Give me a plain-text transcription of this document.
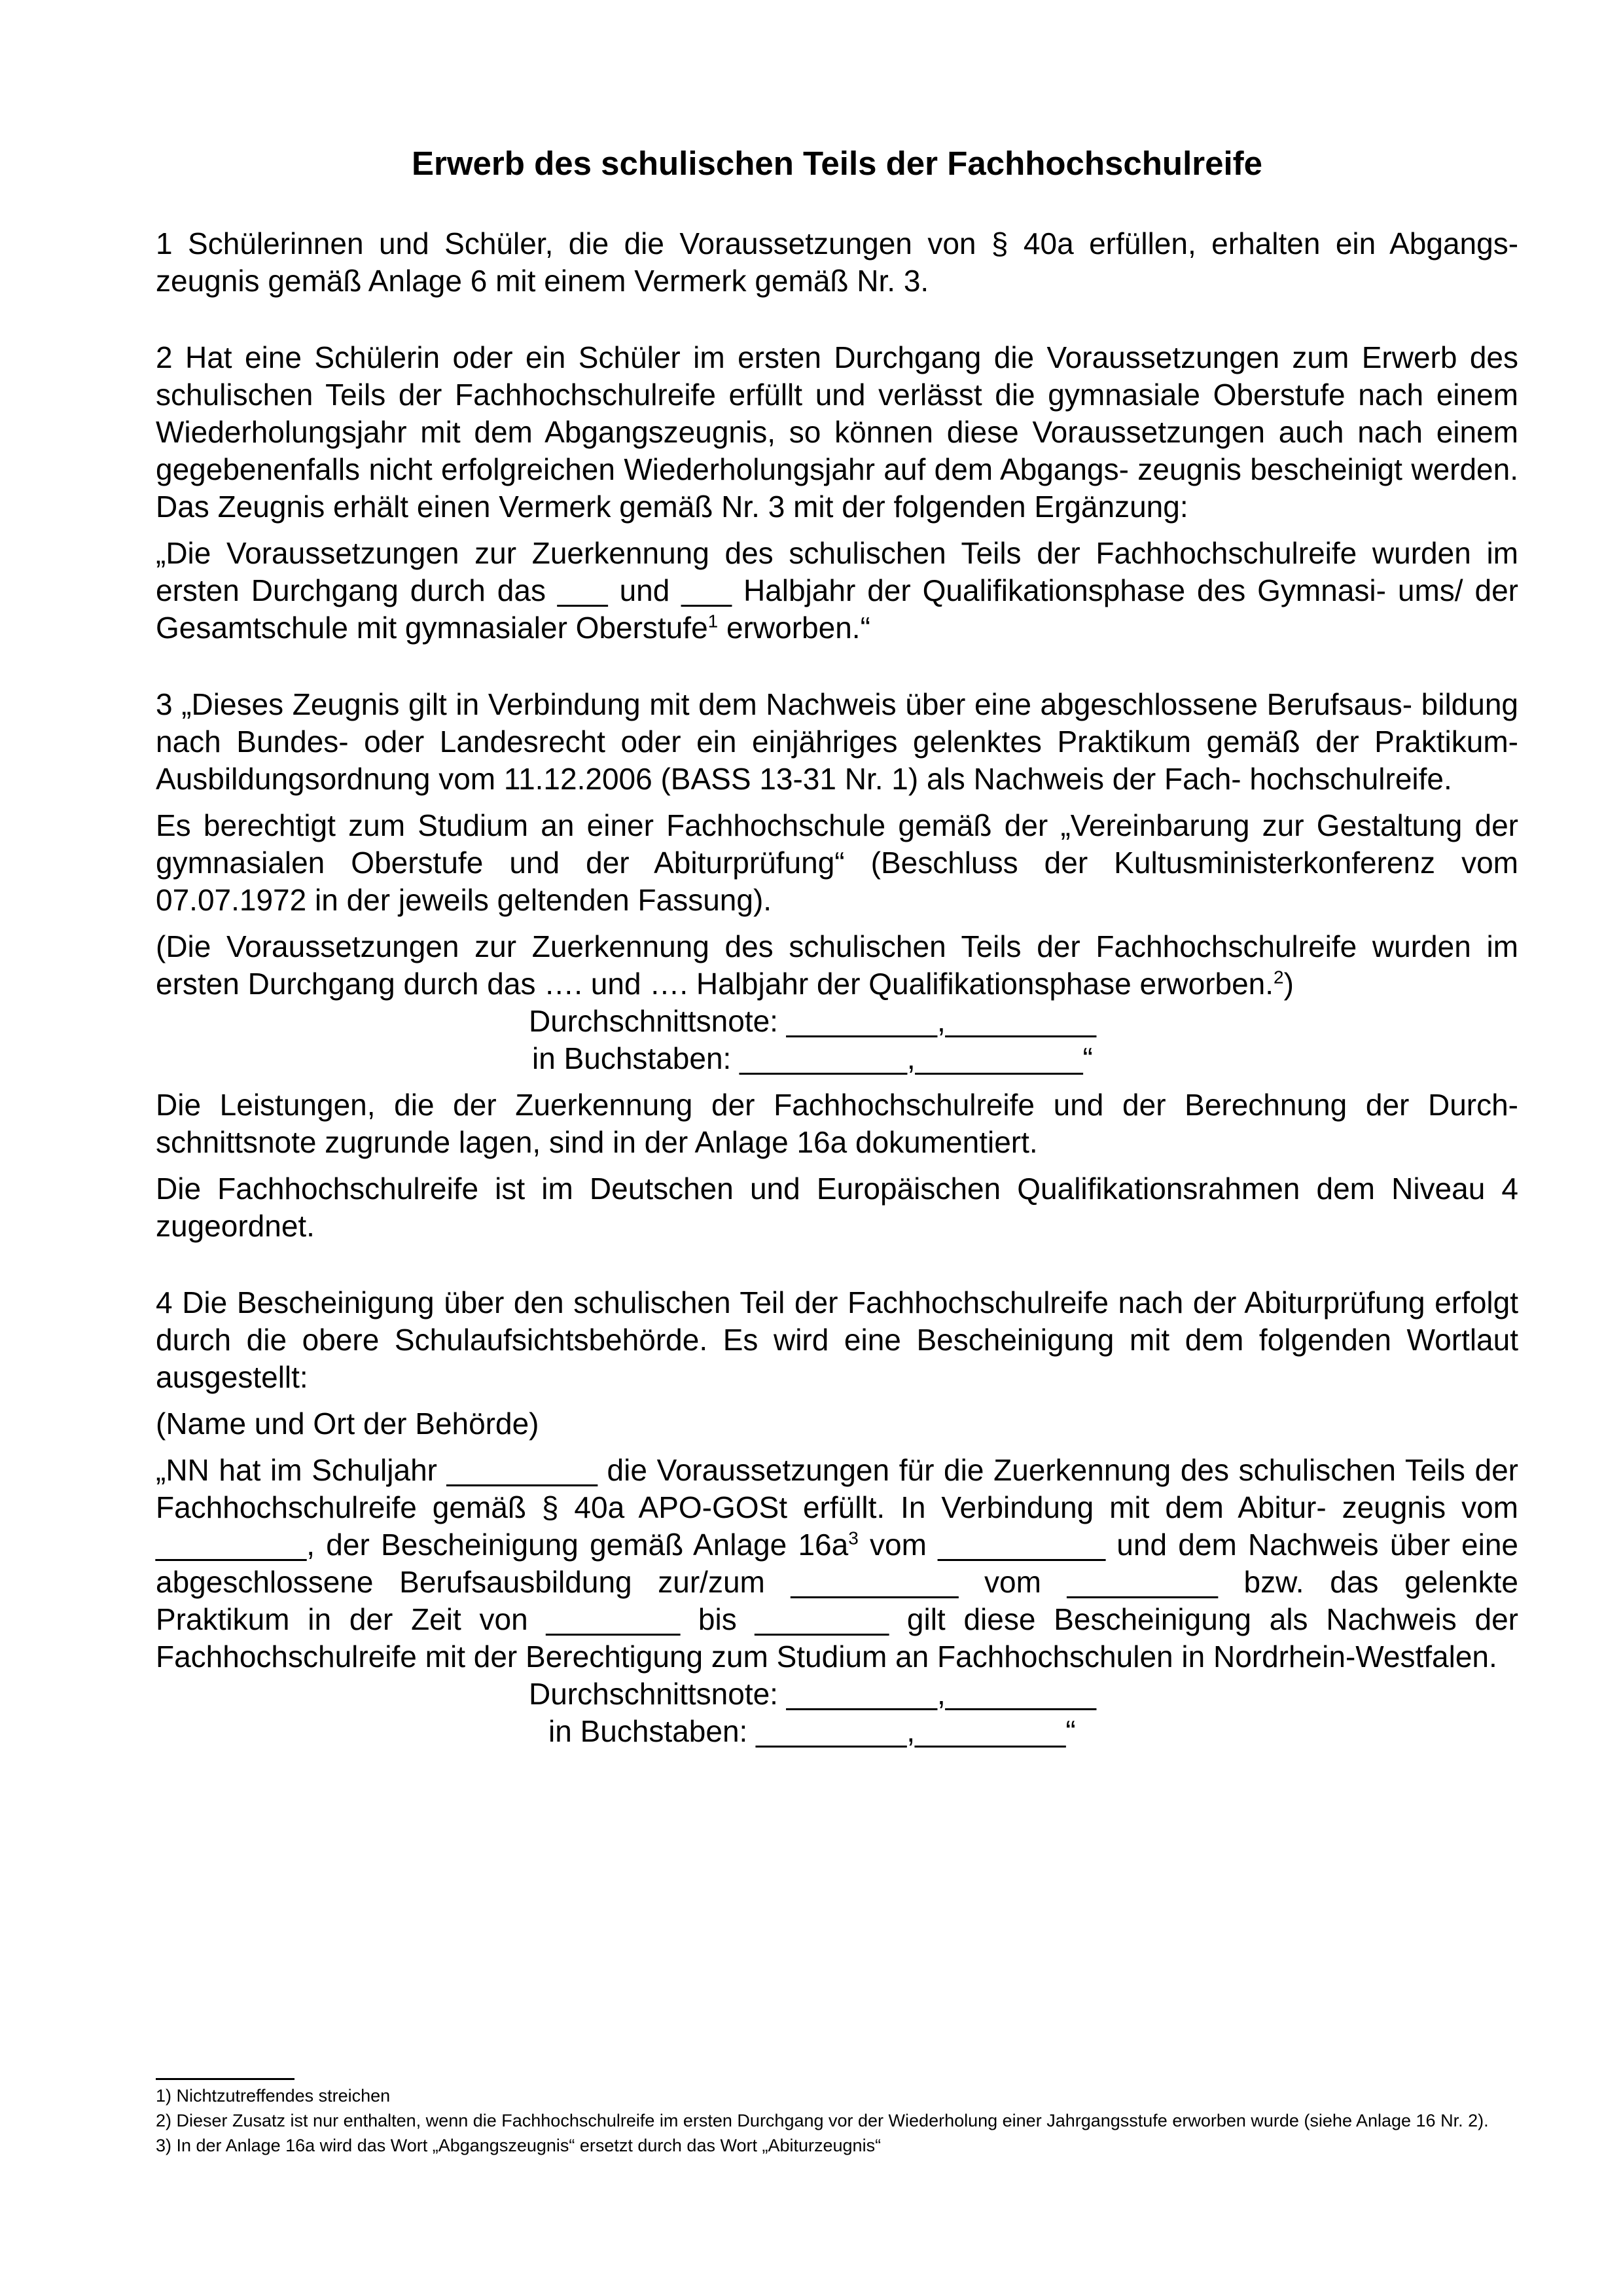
Erwerb des schulischen Teils der Fachhochschulreife

1 Schülerinnen und Schüler, die die Voraussetzungen von § 40a erfüllen, erhalten ein Abgangs- zeugnis gemäß Anlage 6 mit einem Vermerk gemäß Nr. 3.

2 Hat eine Schülerin oder ein Schüler im ersten Durchgang die Voraussetzungen zum Erwerb des schulischen Teils der Fachhochschulreife erfüllt und verlässt die gymnasiale Oberstufe nach einem Wiederholungsjahr mit dem Abgangszeugnis, so können diese Voraussetzungen auch nach einem gegebenenfalls nicht erfolgreichen Wiederholungsjahr auf dem Abgangs- zeugnis bescheinigt werden. Das Zeugnis erhält einen Vermerk gemäß Nr. 3 mit der folgenden Ergänzung:

„Die Voraussetzungen zur Zuerkennung des schulischen Teils der Fachhochschulreife wurden im ersten Durchgang durch das ___ und ___ Halbjahr der Qualifikationsphase des Gymnasi- ums/ der Gesamtschule mit gymnasialer Oberstufe$^1$ erworben.“

3 „Dieses Zeugnis gilt in Verbindung mit dem Nachweis über eine abgeschlossene Berufsaus- bildung nach Bundes- oder Landesrecht oder ein einjähriges gelenktes Praktikum gemäß der Praktikum-Ausbildungsordnung vom 11.12.2006 (BASS 13-31 Nr. 1) als Nachweis der Fach- hochschulreife.

Es berechtigt zum Studium an einer Fachhochschule gemäß der „Vereinbarung zur Gestaltung der gymnasialen Oberstufe und der Abiturprüfung“ (Beschluss der Kultusministerkonferenz vom 07.07.1972 in der jeweils geltenden Fassung).

(Die Voraussetzungen zur Zuerkennung des schulischen Teils der Fachhochschulreife wurden im ersten Durchgang durch das …. und …. Halbjahr der Qualifikationsphase erworben.$^2$)

Durchschnittsnote: _________,_________

in Buchstaben: __________,__________“

Die Leistungen, die der Zuerkennung der Fachhochschulreife und der Berechnung der Durch- schnittsnote zugrunde lagen, sind in der Anlage 16a dokumentiert.

Die Fachhochschulreife ist im Deutschen und Europäischen Qualifikationsrahmen dem Niveau 4 zugeordnet.

4 Die Bescheinigung über den schulischen Teil der Fachhochschulreife nach der Abiturprüfung erfolgt durch die obere Schulaufsichtsbehörde. Es wird eine Bescheinigung mit dem folgenden Wortlaut ausgestellt:

(Name und Ort der Behörde)

„NN hat im Schuljahr _________ die Voraussetzungen für die Zuerkennung des schulischen Teils der Fachhochschulreife gemäß § 40a APO-GOSt erfüllt. In Verbindung mit dem Abitur- zeugnis vom _________, der Bescheinigung gemäß Anlage $16a^3$ vom __________ und dem Nachweis über eine abgeschlossene Berufsausbildung zur/zum __________ vom _________ bzw. das gelenkte Praktikum in der Zeit von ________ bis ________ gilt diese Bescheinigung als Nachweis der Fachhochschulreife mit der Berechtigung zum Studium an Fachhochschulen in Nordrhein-Westfalen.

Durchschnittsnote: _________,_________

in Buchstaben: _________,_________“

1) Nichtzutreffendes streichen

2) Dieser Zusatz ist nur enthalten, wenn die Fachhochschulreife im ersten Durchgang vor der Wiederholung einer Jahrgangsstufe erworben wurde (siehe Anlage 16 Nr. 2).

3) In der Anlage 16a wird das Wort „Abgangszeugnis“ ersetzt durch das Wort „Abiturzeugnis“
